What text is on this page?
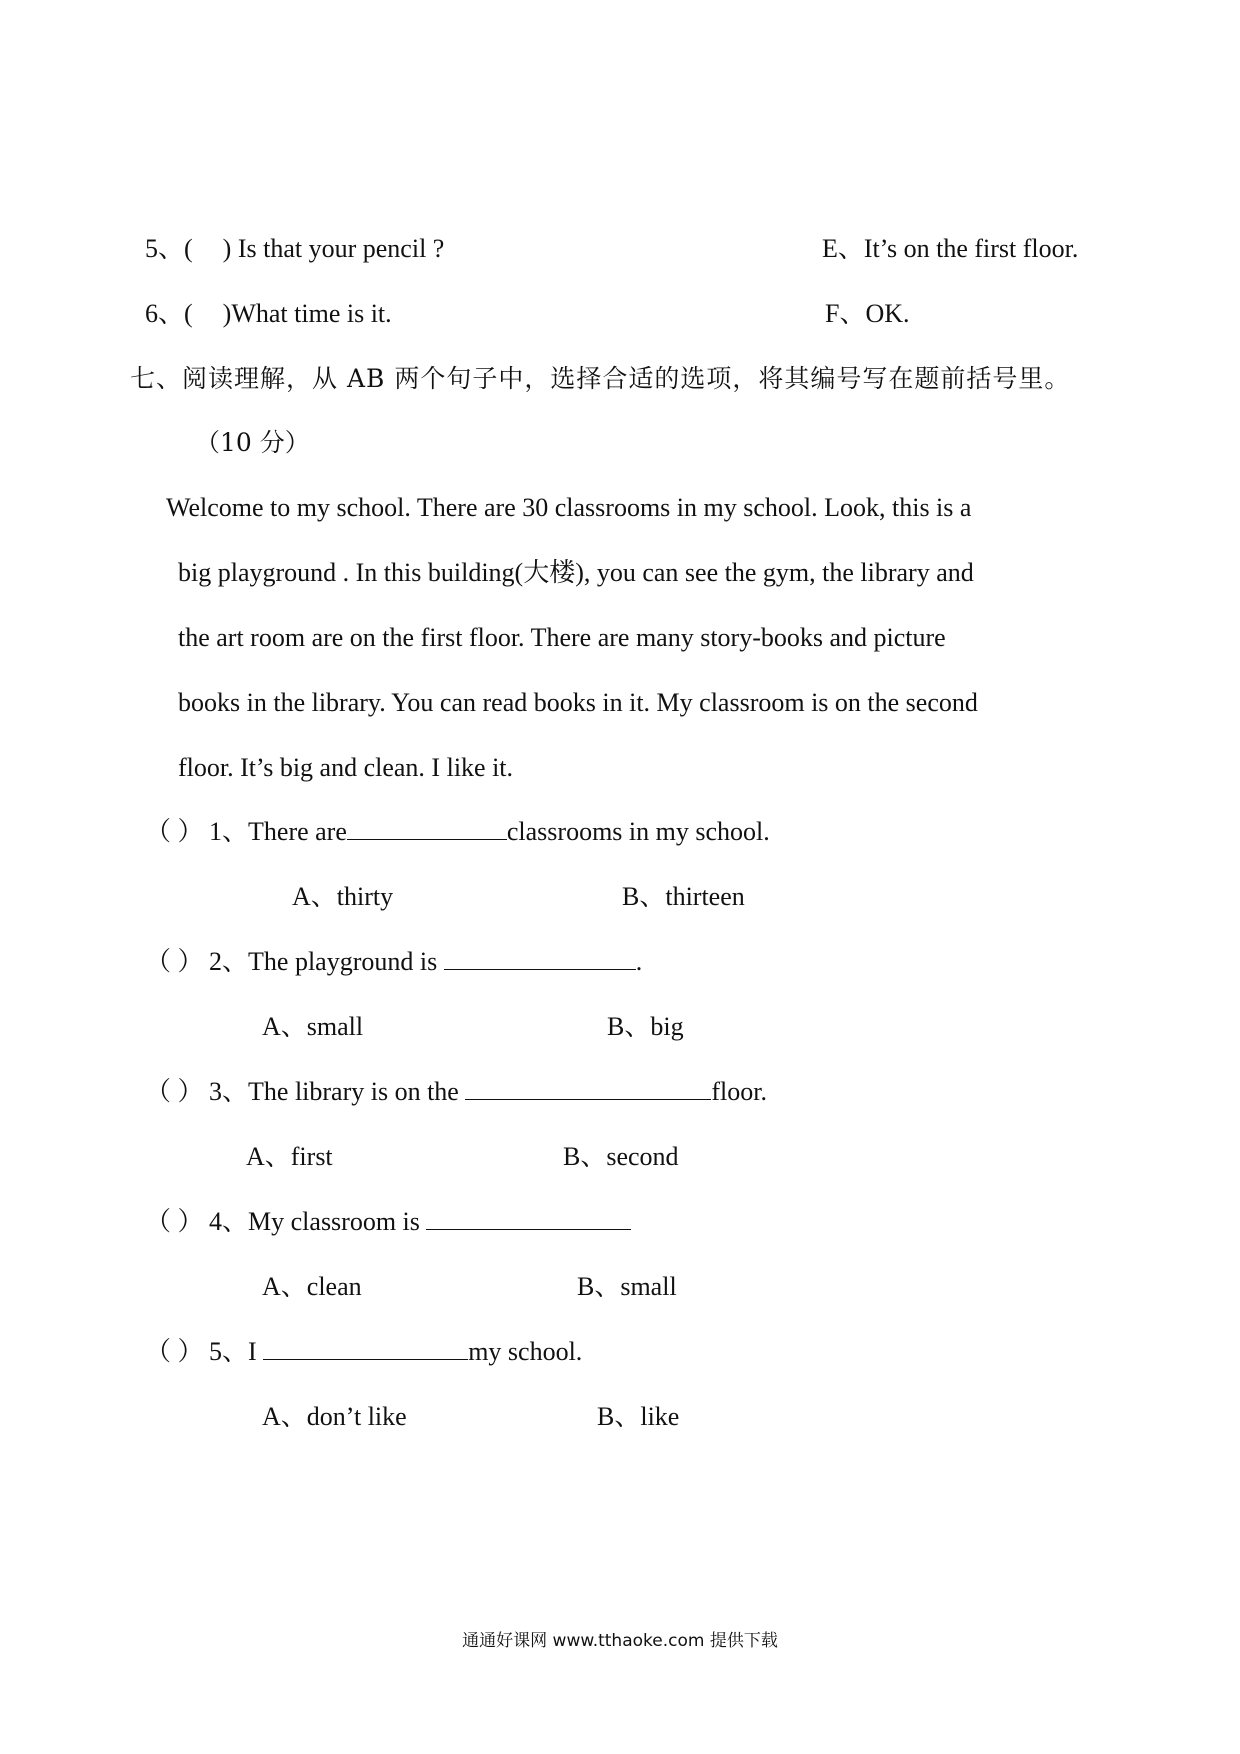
5、( ) Is that your pencil ?	E、It’s on the first floor.
6、( )What time is it.	F、OK.
七、阅读理解，从 AB 两个句子中，选择合适的选项，将其编号写在题前括号里。
（10 分）
Welcome to my school. There are 30 classrooms in my school. Look, this is a
big playground . In this building(大楼), you can see the gym, the library and
the art room are on the first floor. There are many story-books and picture
books in the library. You can read books in it. My classroom is on the second
floor. It’s big and clean. I like it.
（ ） 1、There are	classrooms in my school.
A、thirty	B、thirteen
（ ） 2、The playground is	.
A、small	B、big
（ ） 3、The library is on the	floor.
A、first	B、second
（ ） 4、My classroom is
A、clean	B、small
（ ） 5、I	my school.
A、don’t like	B、like
通通好课网 www.tthaoke.com 提供下载
